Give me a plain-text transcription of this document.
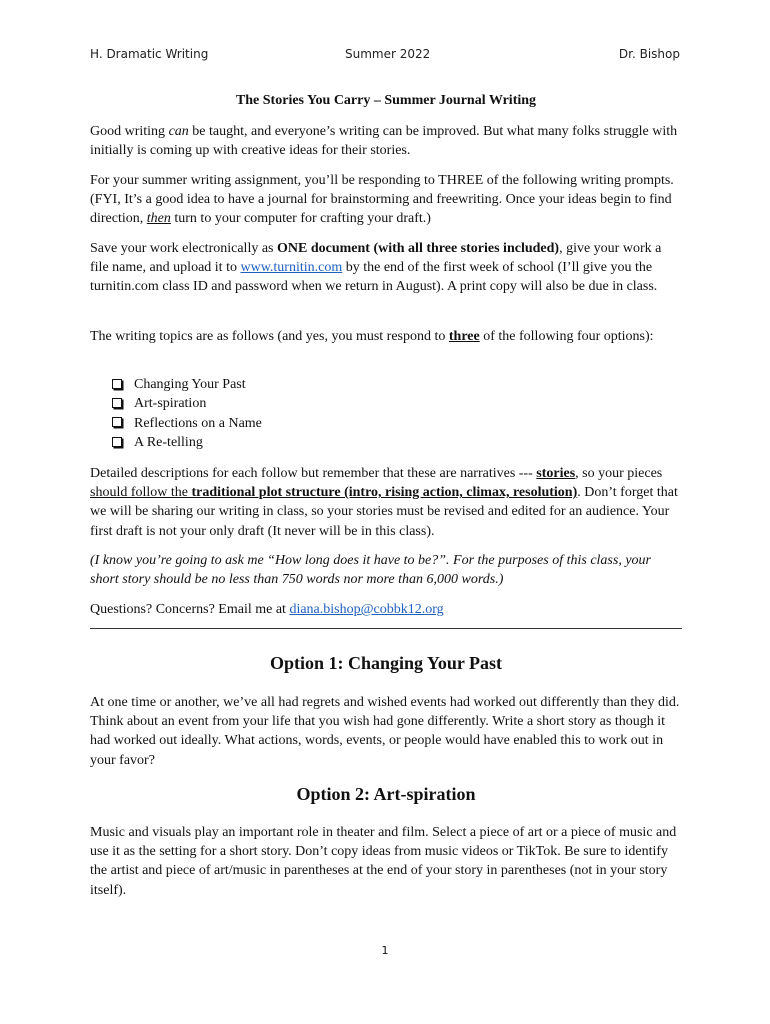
H. Dramatic Writing	Summer 2022	Dr. Bishop
The Stories You Carry – Summer Journal Writing

Good writing can be taught, and everyone’s writing can be improved. But what many folks struggle with initially is coming up with creative ideas for their stories.

For your summer writing assignment, you’ll be responding to THREE of the following writing prompts. (FYI, It’s a good idea to have a journal for brainstorming and freewriting. Once your ideas begin to find direction, then turn to your computer for crafting your draft.)

Save your work electronically as ONE document (with all three stories included), give your work a file name, and upload it to www.turnitin.com by the end of the first week of school (I’ll give you the turnitin.com class ID and password when we return in August). A print copy will also be due in class.

The writing topics are as follows (and yes, you must respond to three of the following four options):

Changing Your Past
Art-spiration
Reflections on a Name
A Re-telling

Detailed descriptions for each follow but remember that these are narratives --- stories, so your pieces should follow the traditional plot structure (intro, rising action, climax, resolution). Don’t forget that we will be sharing our writing in class, so your stories must be revised and edited for an audience. Your first draft is not your only draft (It never will be in this class).

(I know you’re going to ask me “How long does it have to be?”. For the purposes of this class, your short story should be no less than 750 words nor more than 6,000 words.)

Questions? Concerns? Email me at diana.bishop@cobbk12.org

Option 1: Changing Your Past
At one time or another, we’ve all had regrets and wished events had worked out differently than they did. Think about an event from your life that you wish had gone differently. Write a short story as though it had worked out ideally. What actions, words, events, or people would have enabled this to work out in your favor?
Option 2: Art-spiration
Music and visuals play an important role in theater and film. Select a piece of art or a piece of music and use it as the setting for a short story. Don’t copy ideas from music videos or TikTok. Be sure to identify the artist and piece of art/music in parentheses at the end of your story in parentheses (not in your story itself).
1
